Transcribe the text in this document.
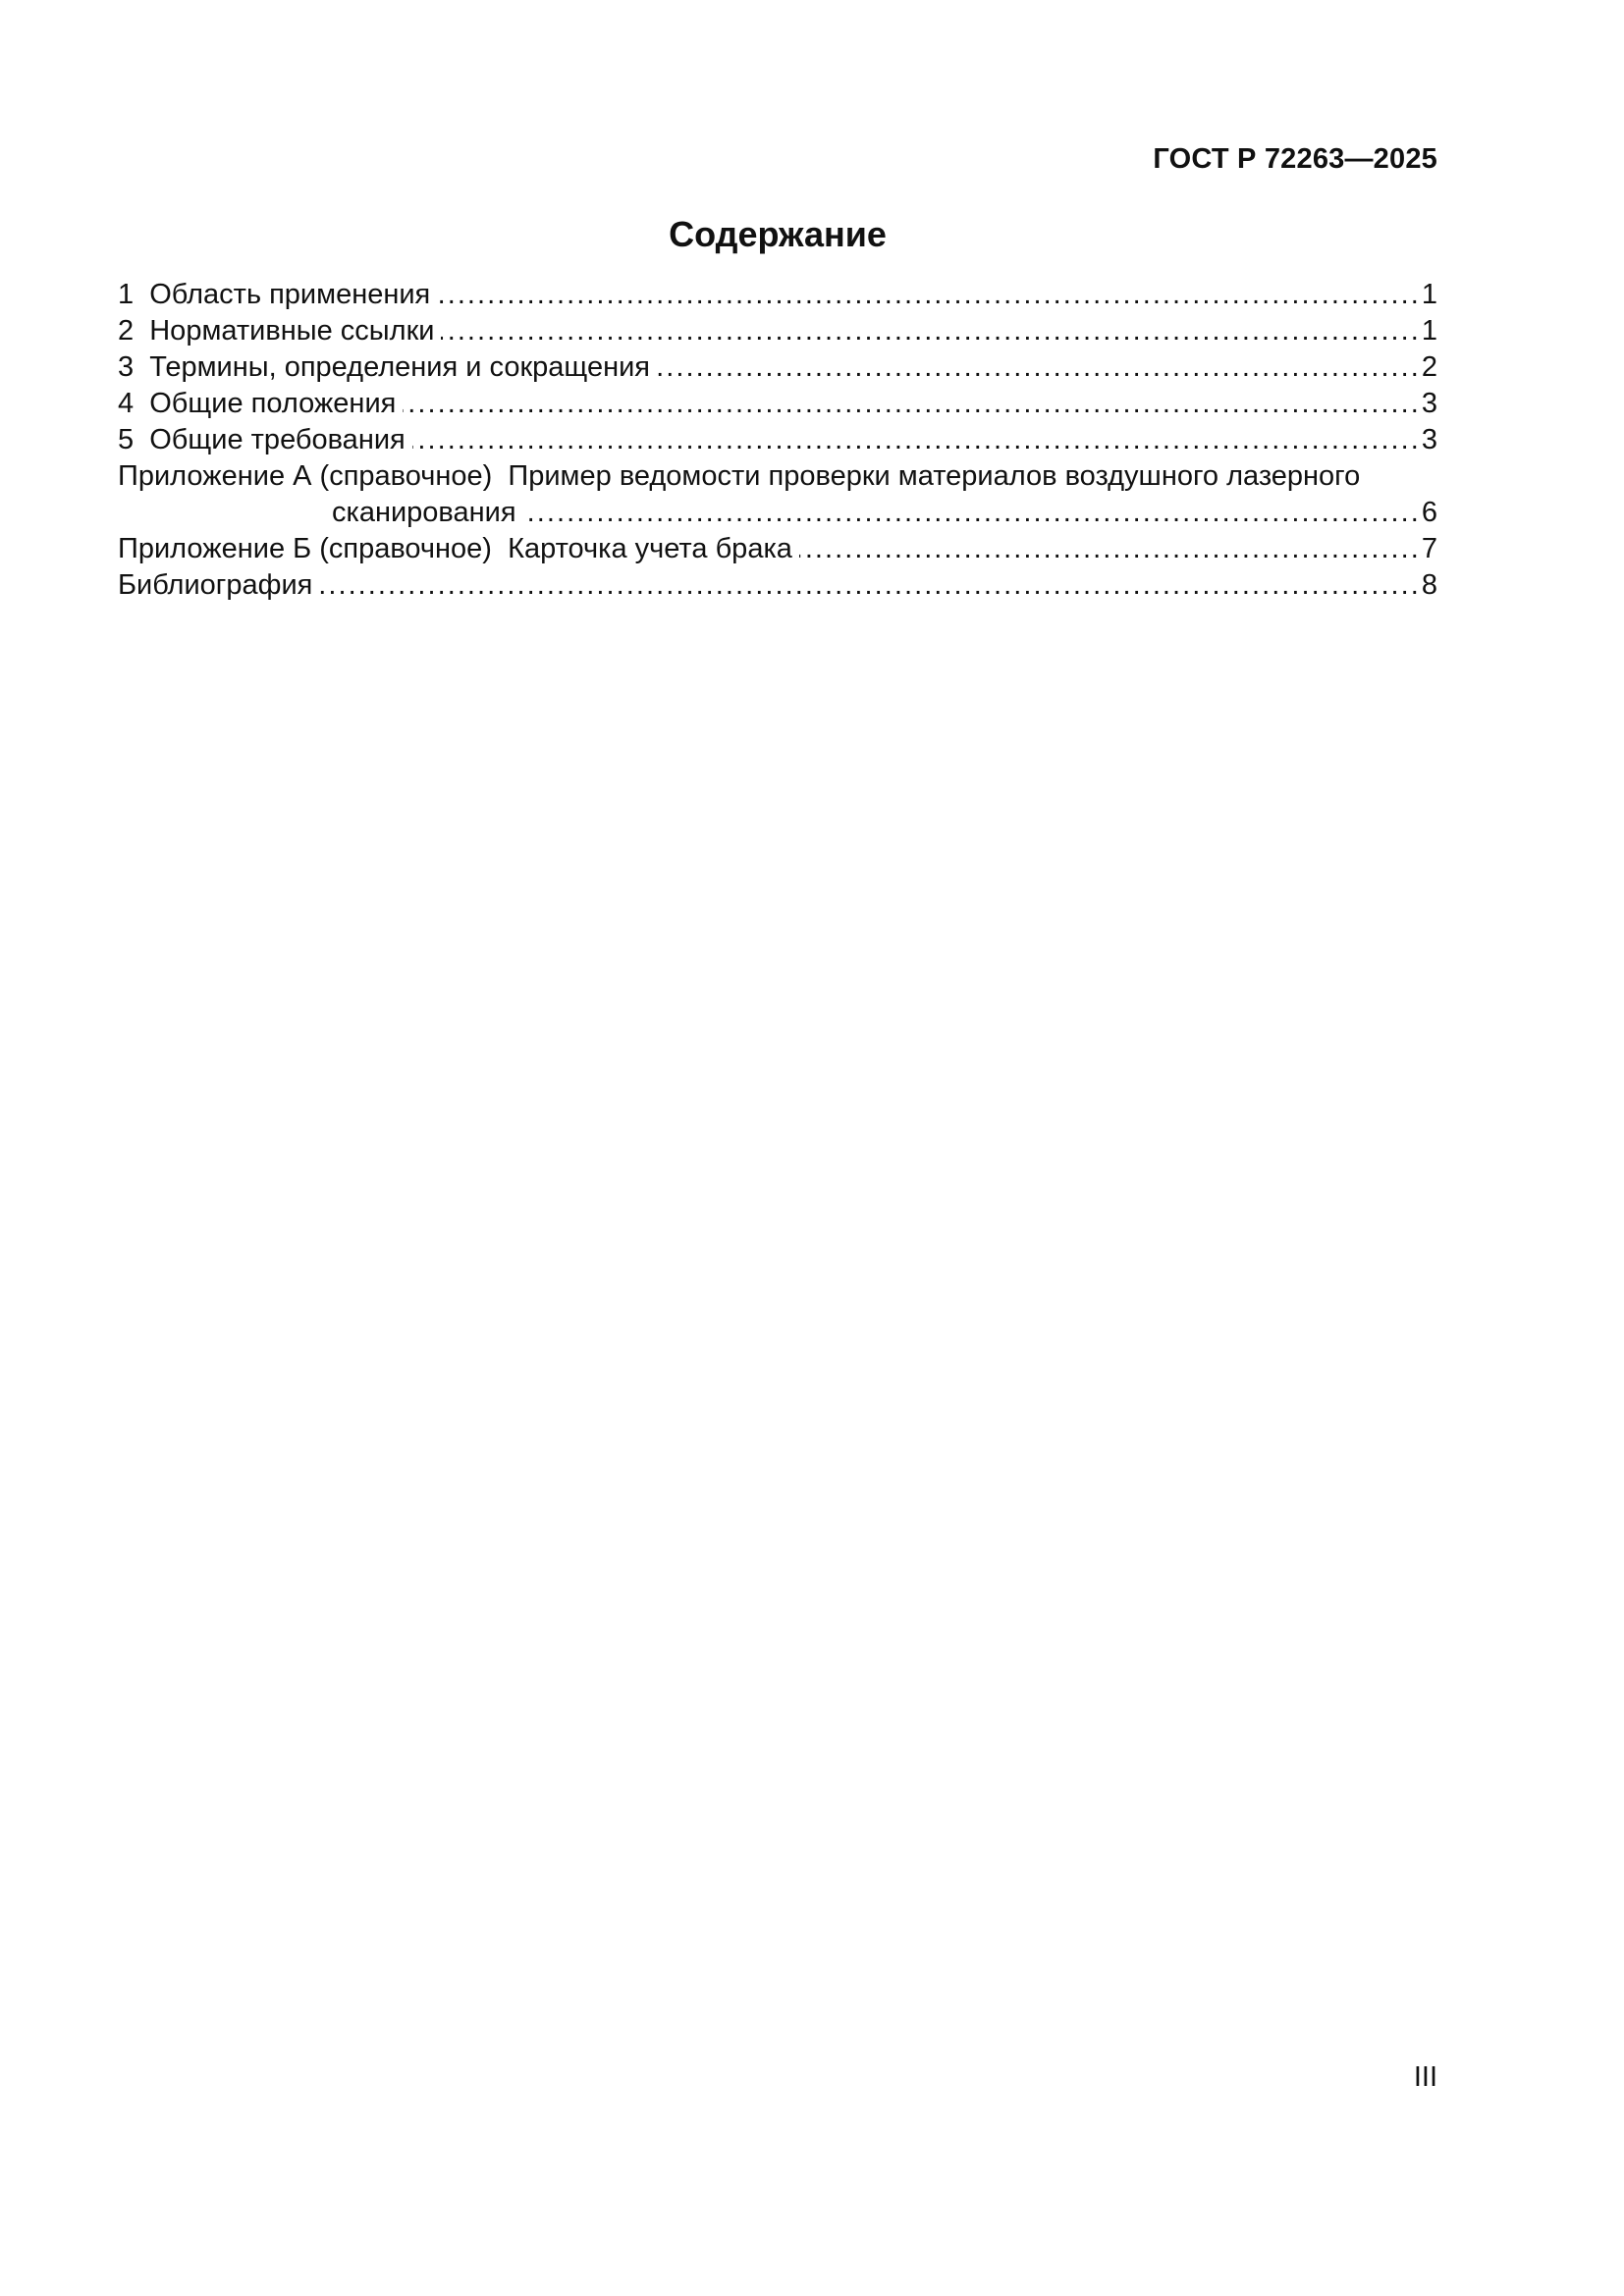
ГОСТ Р 72263—2025
Содержание
1  Область применения . . .	1
2  Нормативные ссылки . . .	1
3  Термины, определения и сокращения . . .	2
4  Общие положения . . .	3
5  Общие требования . . .	3
Приложение А (справочное)  Пример ведомости проверки материалов воздушного лазерного
сканирования . . .	6
Приложение Б (справочное)  Карточка учета брака . . .	7
Библиография . . .	8
III
